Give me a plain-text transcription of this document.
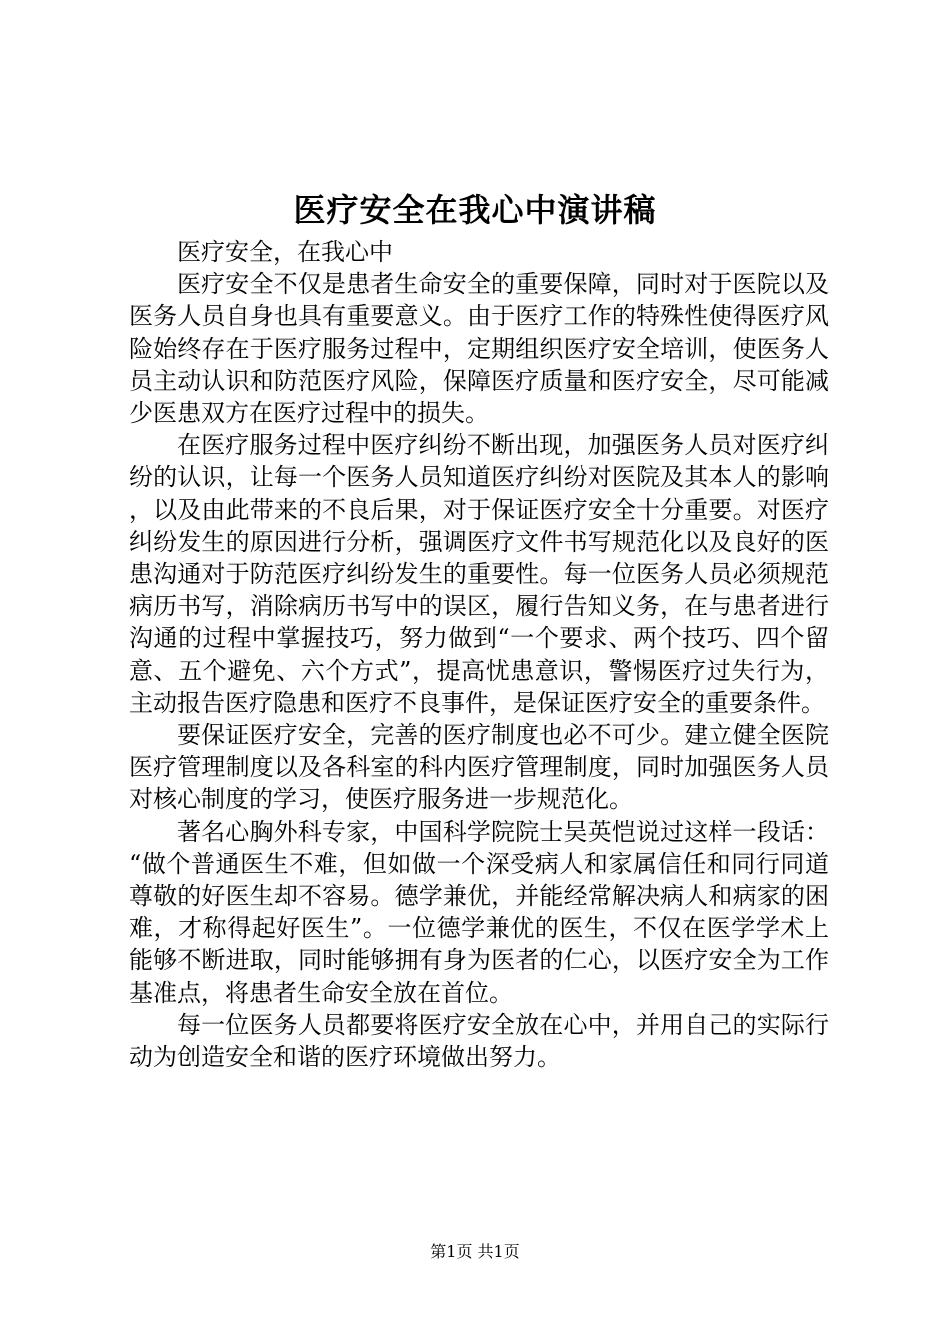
医疗安全在我心中演讲稿

医疗安全，在我心中

医疗安全不仅是患者生命安全的重要保障，同时对于医院以及医务人员自身也具有重要意义。由于医疗工作的特殊性使得医疗风险始终存在于医疗服务过程中，定期组织医疗安全培训，使医务人员主动认识和防范医疗风险，保障医疗质量和医疗安全，尽可能减少医患双方在医疗过程中的损失。

在医疗服务过程中医疗纠纷不断出现，加强医务人员对医疗纠纷的认识，让每一个医务人员知道医疗纠纷对医院及其本人的影响，以及由此带来的不良后果，对于保证医疗安全十分重要。对医疗纠纷发生的原因进行分析，强调医疗文件书写规范化以及良好的医患沟通对于防范医疗纠纷发生的重要性。每一位医务人员必须规范病历书写，消除病历书写中的误区，履行告知义务，在与患者进行沟通的过程中掌握技巧，努力做到“一个要求、两个技巧、四个留意、五个避免、六个方式”，提高忧患意识，警惕医疗过失行为，主动报告医疗隐患和医疗不良事件，是保证医疗安全的重要条件。

要保证医疗安全，完善的医疗制度也必不可少。建立健全医院医疗管理制度以及各科室的科内医疗管理制度，同时加强医务人员对核心制度的学习，使医疗服务进一步规范化。

著名心胸外科专家，中国科学院院士吴英恺说过这样一段话：“做个普通医生不难，但如做一个深受病人和家属信任和同行同道尊敬的好医生却不容易。德学兼优，并能经常解决病人和病家的困难，才称得起好医生”。一位德学兼优的医生，不仅在医学学术上能够不断进取，同时能够拥有身为医者的仁心，以医疗安全为工作基准点，将患者生命安全放在首位。

每一位医务人员都要将医疗安全放在心中，并用自己的实际行动为创造安全和谐的医疗环境做出努力。

第1页 共1页
